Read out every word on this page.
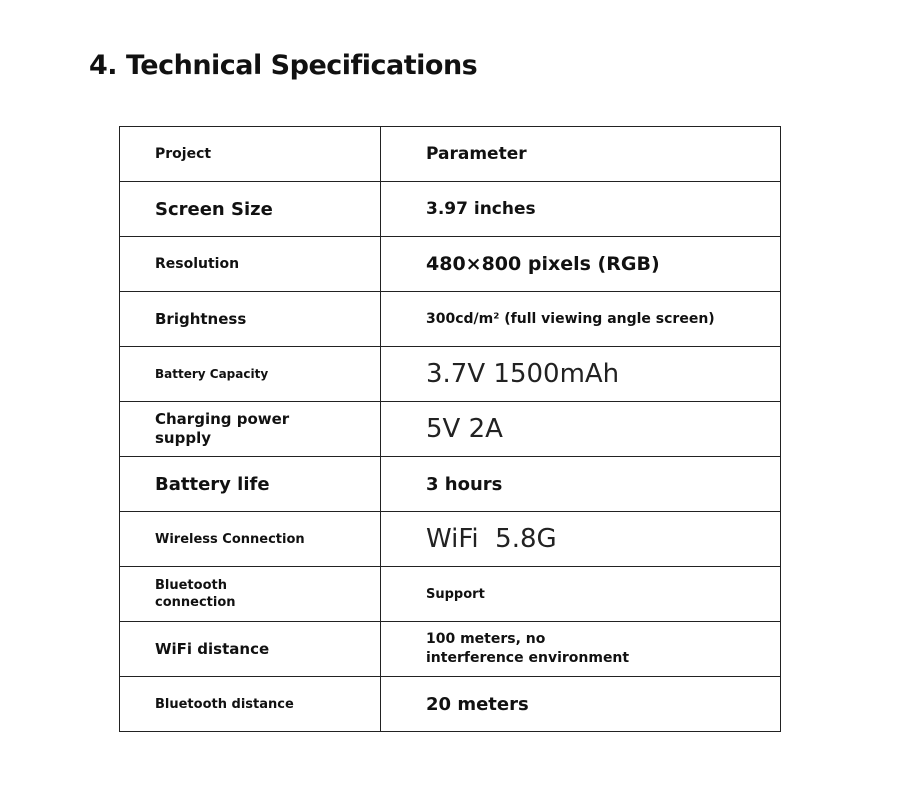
4. Technical Specifications
Project	Parameter
Screen Size	3.97 inches
Resolution	480×800 pixels (RGB)
Brightness	300cd/m² (full viewing angle screen)
Battery Capacity	3.7V 1500mAh
Charging power supply	5V 2A
Battery life	3 hours
Wireless Connection	WiFi  5.8G
Bluetooth connection	Support
WiFi distance	100 meters, no interference environment
Bluetooth distance	20 meters
